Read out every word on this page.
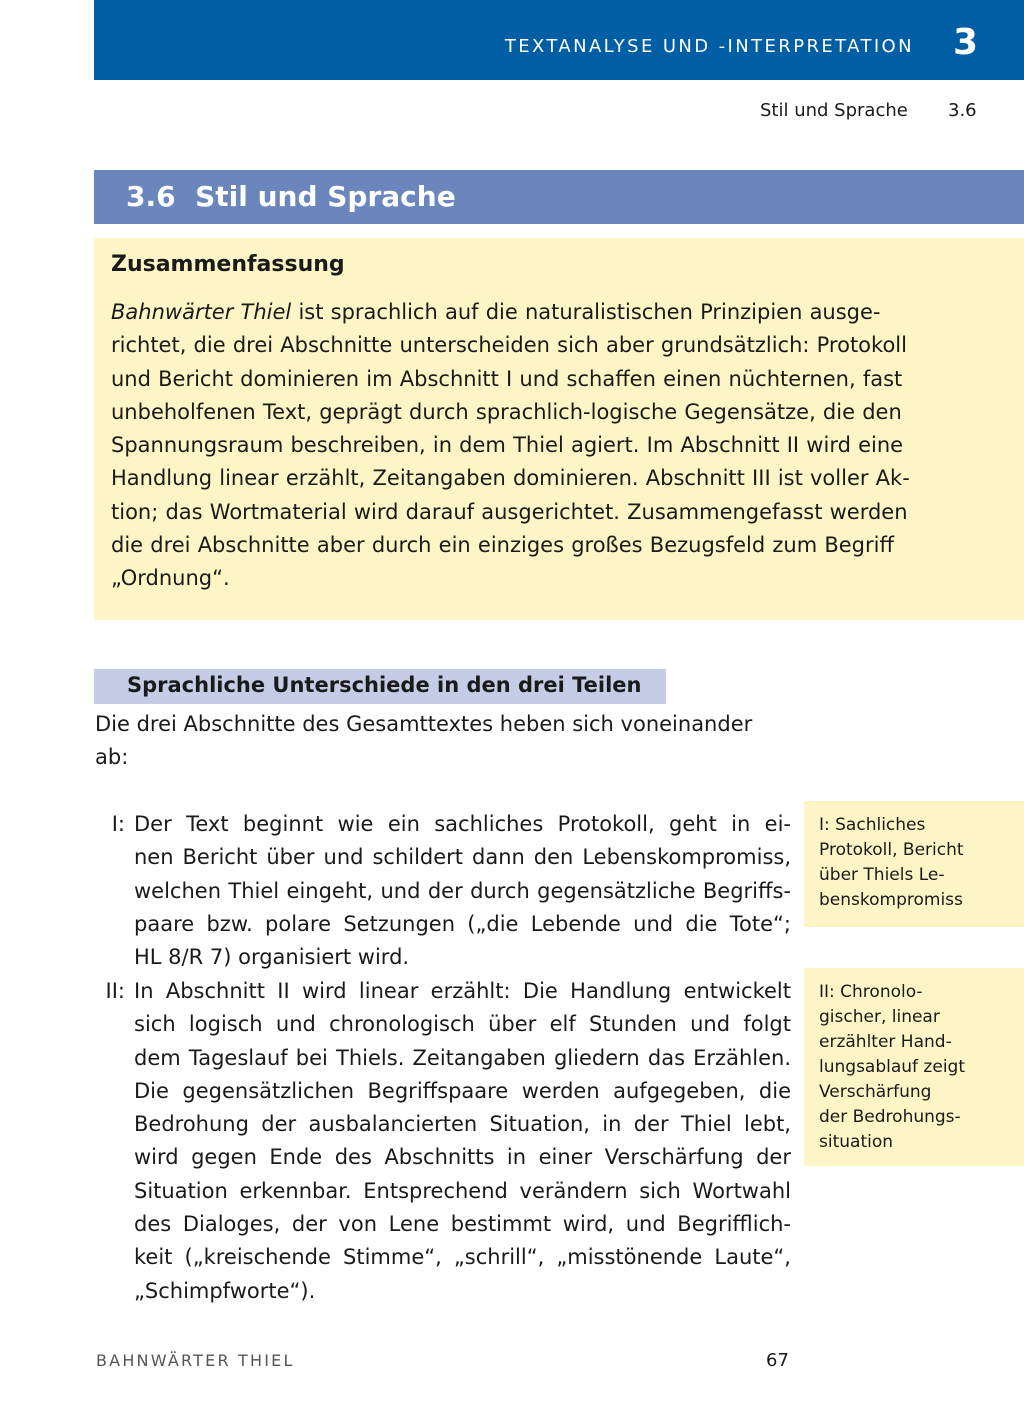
TEXTANALYSE UND -INTERPRETATION 3
Stil und Sprache 3.6
3.6 Stil und Sprache
Zusammenfassung
Bahnwärter Thiel ist sprachlich auf die naturalistischen Prinzipien ausge-
richtet, die drei Abschnitte unterscheiden sich aber grundsätzlich: Protokoll
und Bericht dominieren im Abschnitt I und schaffen einen nüchternen, fast
unbeholfenen Text, geprägt durch sprachlich-logische Gegensätze, die den
Spannungsraum beschreiben, in dem Thiel agiert. Im Abschnitt II wird eine
Handlung linear erzählt, Zeitangaben dominieren. Abschnitt III ist voller Ak-
tion; das Wortmaterial wird darauf ausgerichtet. Zusammengefasst werden
die drei Abschnitte aber durch ein einziges großes Bezugsfeld zum Begriff
„Ordnung“.
Sprachliche Unterschiede in den drei Teilen
Die drei Abschnitte des Gesamttextes heben sich voneinander
ab:
I: Der Text beginnt wie ein sachliches Protokoll, geht in ei-
nen Bericht über und schildert dann den Lebenskompromiss,
welchen Thiel eingeht, und der durch gegensätzliche Begriffs-
paare bzw. polare Setzungen („die Lebende und die Tote“;
HL 8/R 7) organisiert wird.
II: In Abschnitt II wird linear erzählt: Die Handlung entwickelt
sich logisch und chronologisch über elf Stunden und folgt
dem Tageslauf bei Thiels. Zeitangaben gliedern das Erzählen.
Die gegensätzlichen Begriffspaare werden aufgegeben, die
Bedrohung der ausbalancierten Situation, in der Thiel lebt,
wird gegen Ende des Abschnitts in einer Verschärfung der
Situation erkennbar. Entsprechend verändern sich Wortwahl
des Dialoges, der von Lene bestimmt wird, und Begrifflich-
keit („kreischende Stimme“, „schrill“, „misstönende Laute“,
„Schimpfworte“).
I: Sachliches
Protokoll, Bericht
über Thiels Le-
benskompromiss
II: Chronolo-
gischer, linear
erzählter Hand-
lungsablauf zeigt
Verschärfung
der Bedrohungs-
situation
BAHNWÄRTER THIEL	67
